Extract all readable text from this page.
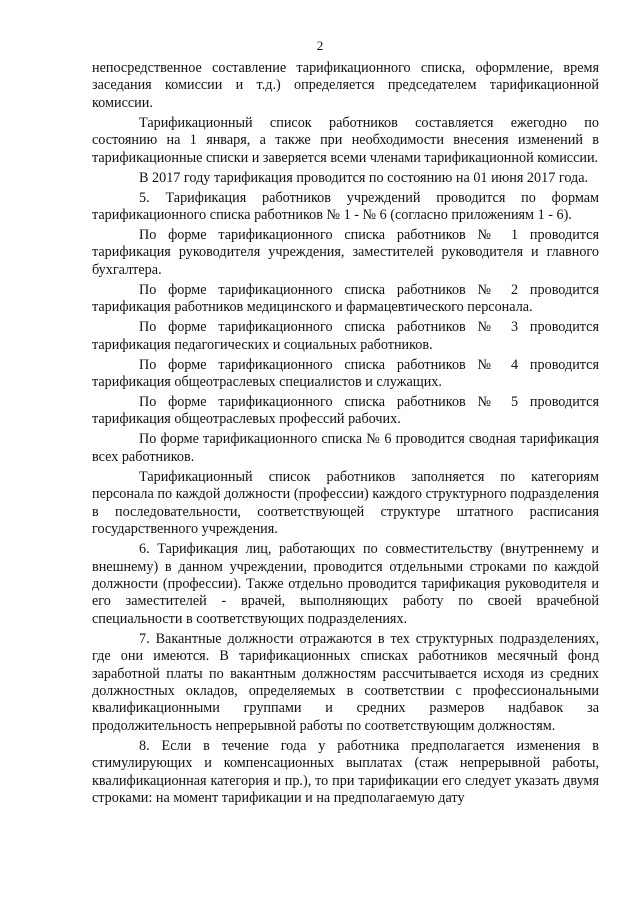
2

непосредственное составление тарификационного списка, оформление, время заседания комиссии и т.д.) определяется председателем тарификационной комиссии.

Тарификационный список работников составляется ежегодно по состоянию на 1 января, а также при необходимости внесения изменений в тарификационные списки и заверяется всеми членами тарификационной комиссии.

В 2017 году тарификация проводится по состоянию на 01 июня 2017 года.

5. Тарификация работников учреждений проводится по формам тарификационного списка работников № 1 - № 6 (согласно приложениям 1 - 6).

По форме тарификационного списка работников № 1 проводится тарификация руководителя учреждения, заместителей руководителя и главного бухгалтера.

По форме тарификационного списка работников № 2 проводится тарификация работников медицинского и фармацевтического персонала.

По форме тарификационного списка работников № 3 проводится тарификация педагогических и социальных работников.

По форме тарификационного списка работников № 4 проводится тарификация общеотраслевых специалистов и служащих.

По форме тарификационного списка работников № 5 проводится тарификация общеотраслевых профессий рабочих.

По форме тарификационного списка № 6 проводится сводная тарификация всех работников.

Тарификационный список работников заполняется по категориям персонала по каждой должности (профессии) каждого структурного подразделения в последовательности, соответствующей структуре штатного расписания государственного учреждения.

6. Тарификация лиц, работающих по совместительству (внутреннему и внешнему) в данном учреждении, проводится отдельными строками по каждой должности (профессии). Также отдельно проводится тарификация руководителя и его заместителей - врачей, выполняющих работу по своей врачебной специальности в соответствующих подразделениях.

7. Вакантные должности отражаются в тех структурных подразделениях, где они имеются. В тарификационных списках работников месячный фонд заработной платы по вакантным должностям рассчитывается исходя из средних должностных окладов, определяемых в соответствии с профессиональными квалификационными группами и средних размеров надбавок за продолжительность непрерывной работы по соответствующим должностям.

8. Если в течение года у работника предполагается изменения в стимулирующих и компенсационных выплатах (стаж непрерывной работы, квалификационная категория и пр.), то при тарификации его следует указать двумя строками: на момент тарификации и на предполагаемую дату
